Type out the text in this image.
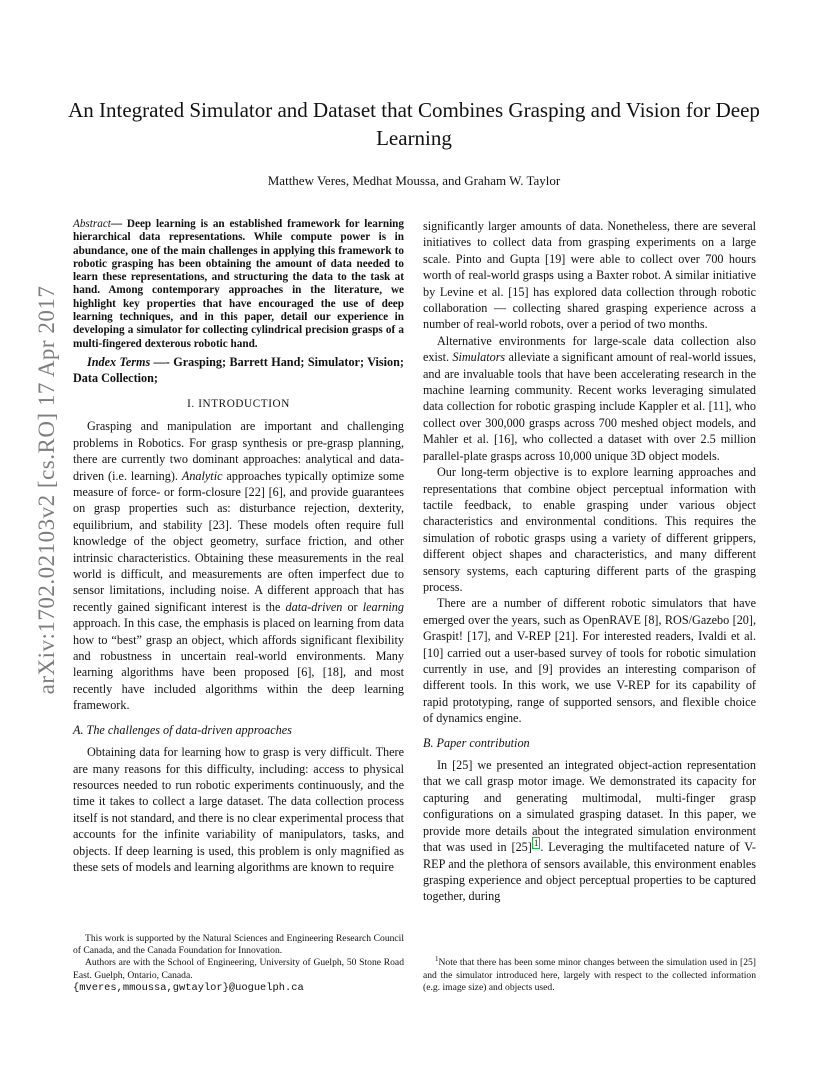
An Integrated Simulator and Dataset that Combines Grasping and Vision for Deep Learning
Matthew Veres, Medhat Moussa, and Graham W. Taylor
arXiv:1702.02103v2 [cs.RO] 17 Apr 2017

Abstract— Deep learning is an established framework for learning hierarchical data representations. While compute power is in abundance, one of the main challenges in applying this framework to robotic grasping has been obtaining the amount of data needed to learn these representations, and structuring the data to the task at hand. Among contemporary approaches in the literature, we highlight key properties that have encouraged the use of deep learning techniques, and in this paper, detail our experience in developing a simulator for collecting cylindrical precision grasps of a multi-fingered dexterous robotic hand.

Index Terms —- Grasping; Barrett Hand; Simulator; Vision; Data Collection;

I. INTRODUCTION

Grasping and manipulation are important and challenging problems in Robotics. For grasp synthesis or pre-grasp planning, there are currently two dominant approaches: analytical and data-driven (i.e. learning). Analytic approaches typically optimize some measure of force- or form-closure [22] [6], and provide guarantees on grasp properties such as: disturbance rejection, dexterity, equilibrium, and stability [23]. These models often require full knowledge of the object geometry, surface friction, and other intrinsic characteristics. Obtaining these measurements in the real world is difficult, and measurements are often imperfect due to sensor limitations, including noise. A different approach that has recently gained significant interest is the data-driven or learning approach. In this case, the emphasis is placed on learning from data how to “best” grasp an object, which affords significant flexibility and robustness in uncertain real-world environments. Many learning algorithms have been proposed [6], [18], and most recently have included algorithms within the deep learning framework.

A. The challenges of data-driven approaches

Obtaining data for learning how to grasp is very difficult. There are many reasons for this difficulty, including: access to physical resources needed to run robotic experiments continuously, and the time it takes to collect a large dataset. The data collection process itself is not standard, and there is no clear experimental process that accounts for the infinite variability of manipulators, tasks, and objects. If deep learning is used, this problem is only magnified as these sets of models and learning algorithms are known to require

significantly larger amounts of data. Nonetheless, there are several initiatives to collect data from grasping experiments on a large scale. Pinto and Gupta [19] were able to collect over 700 hours worth of real-world grasps using a Baxter robot. A similar initiative by Levine et al. [15] has explored data collection through robotic collaboration — collecting shared grasping experience across a number of real-world robots, over a period of two months.

Alternative environments for large-scale data collection also exist. Simulators alleviate a significant amount of real-world issues, and are invaluable tools that have been accelerating research in the machine learning community. Recent works leveraging simulated data collection for robotic grasping include Kappler et al. [11], who collect over 300,000 grasps across 700 meshed object models, and Mahler et al. [16], who collected a dataset with over 2.5 million parallel-plate grasps across 10,000 unique 3D object models.

Our long-term objective is to explore learning approaches and representations that combine object perceptual information with tactile feedback, to enable grasping under various object characteristics and environmental conditions. This requires the simulation of robotic grasps using a variety of different grippers, different object shapes and characteristics, and many different sensory systems, each capturing different parts of the grasping process.

There are a number of different robotic simulators that have emerged over the years, such as OpenRAVE [8], ROS/Gazebo [20], Graspit! [17], and V-REP [21]. For interested readers, Ivaldi et al. [10] carried out a user-based survey of tools for robotic simulation currently in use, and [9] provides an interesting comparison of different tools. In this work, we use V-REP for its capability of rapid prototyping, range of supported sensors, and flexible choice of dynamics engine.

B. Paper contribution

In [25] we presented an integrated object-action representation that we call grasp motor image. We demonstrated its capacity for capturing and generating multimodal, multi-finger grasp configurations on a simulated grasping dataset. In this paper, we provide more details about the integrated simulation environment that was used in [25] $^1$ . Leveraging the multifaceted nature of V-REP and the plethora of sensors available, this environment enables grasping experience and object perceptual properties to be captured together, during

This work is supported by the Natural Sciences and Engineering Research Council of Canada, and the Canada Foundation for Innovation.

Authors are with the School of Engineering, University of Guelph, 50 Stone Road East. Guelph, Ontario, Canada.

{mveres,mmoussa,gwtaylor}@uoguelph.ca

$^1$Note that there has been some minor changes between the simulation used in [25] and the simulator introduced here, largely with respect to the collected information (e.g. image size) and objects used.
